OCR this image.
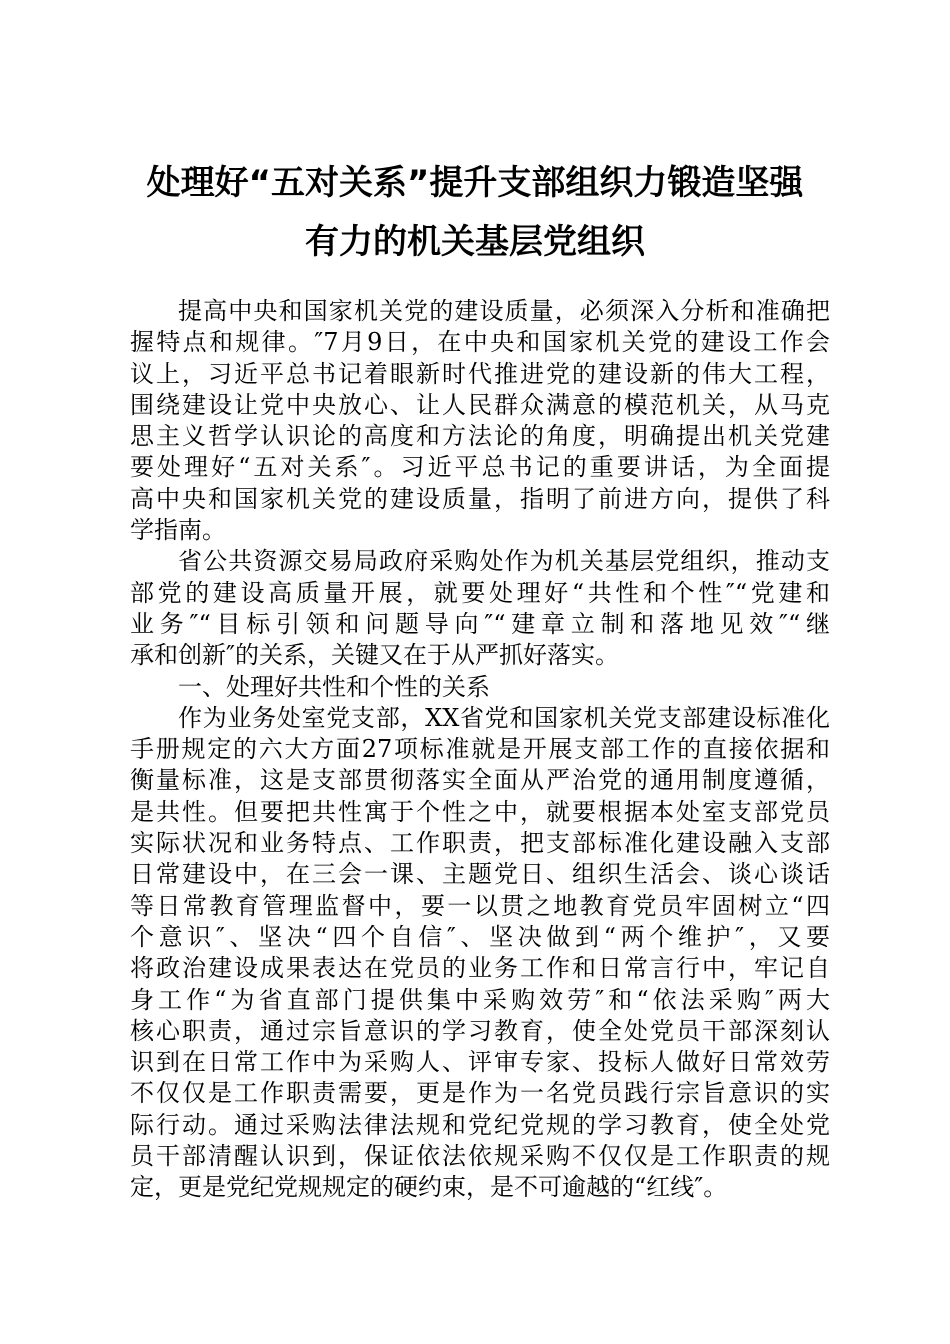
处理好“五对关系”提升支部组织力锻造坚强
有力的机关基层党组织
提高中央和国家机关党的建设质量，必须深入分析和准确把
握特点和规律。″7月9日，在中央和国家机关党的建设工作会
议上，习近平总书记着眼新时代推进党的建设新的伟大工程，
围绕建设让党中央放心、让人民群众满意的模范机关，从马克
思主义哲学认识论的高度和方法论的角度，明确提出机关党建
要处理好“五对关系″。习近平总书记的重要讲话，为全面提
高中央和国家机关党的建设质量，指明了前进方向，提供了科
学指南。
省公共资源交易局政府采购处作为机关基层党组织，推动支
部党的建设高质量开展，就要处理好“共性和个性″“党建和
业务″“目标引领和问题导向″“建章立制和落地见效″“继
承和创新″的关系，关键又在于从严抓好落实。
一、处理好共性和个性的关系
作为业务处室党支部，XX省党和国家机关党支部建设标准化
手册规定的六大方面27项标准就是开展支部工作的直接依据和
衡量标准，这是支部贯彻落实全面从严治党的通用制度遵循，
是共性。但要把共性寓于个性之中，就要根据本处室支部党员
实际状况和业务特点、工作职责，把支部标准化建设融入支部
日常建设中，在三会一课、主题党日、组织生活会、谈心谈话
等日常教育管理监督中，要一以贯之地教育党员牢固树立“四
个意识″、坚决“四个自信″、坚决做到“两个维护″，又要
将政治建设成果表达在党员的业务工作和日常言行中，牢记自
身工作“为省直部门提供集中采购效劳″和“依法采购″两大
核心职责，通过宗旨意识的学习教育，使全处党员干部深刻认
识到在日常工作中为采购人、评审专家、投标人做好日常效劳
不仅仅是工作职责需要，更是作为一名党员践行宗旨意识的实
际行动。通过采购法律法规和党纪党规的学习教育，使全处党
员干部清醒认识到，保证依法依规采购不仅仅是工作职责的规
定，更是党纪党规规定的硬约束，是不可逾越的“红线″。
